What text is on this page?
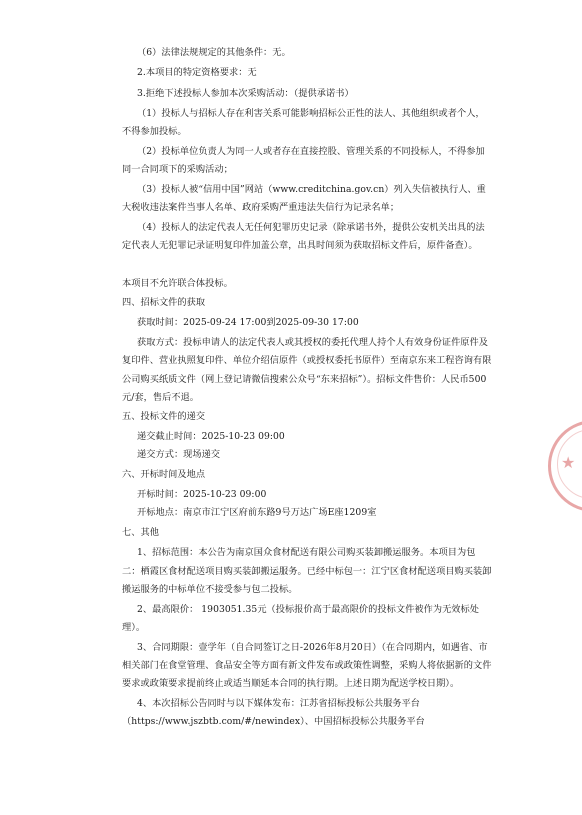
（6）法律法规规定的其他条件：无。
2.本项目的特定资格要求：无
3.拒绝下述投标人参加本次采购活动：（提供承诺书）
（1）投标人与招标人存在利害关系可能影响招标公正性的法人、其他组织或者个人，
不得参加投标。
（2）投标单位负责人为同一人或者存在直接控股、管理关系的不同投标人，不得参加
同一合同项下的采购活动；
（3）投标人被“信用中国”网站（www.creditchina.gov.cn）列入失信被执行人、重
大税收违法案件当事人名单、政府采购严重违法失信行为记录名单；
（4）投标人的法定代表人无任何犯罪历史记录（除承诺书外，提供公安机关出具的法
定代表人无犯罪记录证明复印件加盖公章，出具时间须为获取招标文件后，原件备查）。
本项目不允许联合体投标。
四、招标文件的获取
获取时间：2025-09-24 17:00到2025-09-30 17:00
获取方式：投标申请人的法定代表人或其授权的委托代理人持个人有效身份证件原件及
复印件、营业执照复印件、单位介绍信原件（或授权委托书原件）至南京东来工程咨询有限
公司购买纸质文件（网上登记请微信搜索公众号“东来招标”）。招标文件售价：人民币500
元/套，售后不退。
五、投标文件的递交
递交截止时间：2025-10-23 09:00
递交方式：现场递交
六、开标时间及地点
开标时间：2025-10-23 09:00
开标地点：南京市江宁区府前东路9号万达广场E座1209室
七、其他
1、招标范围：本公告为南京国众食材配送有限公司购买装卸搬运服务。本项目为包
二：栖霞区食材配送项目购买装卸搬运服务。已经中标包一：江宁区食材配送项目购买装卸
搬运服务的中标单位不接受参与包二投标。
2、最高限价： 1903051.35元（投标报价高于最高限价的投标文件被作为无效标处
理）。
3、合同期限：壹学年（自合同签订之日-2026年8月20日）（在合同期内，如遇省、市
相关部门在食堂管理、食品安全等方面有新文件发布或政策性调整，采购人将依据新的文件
要求或政策要求提前终止或适当顺延本合同的执行期。上述日期为配送学校日期）。
4、本次招标公告同时与以下媒体发布：江苏省招标投标公共服务平台
（https://www.jszbtb.com/#/newindex）、中国招标投标公共服务平台
★
